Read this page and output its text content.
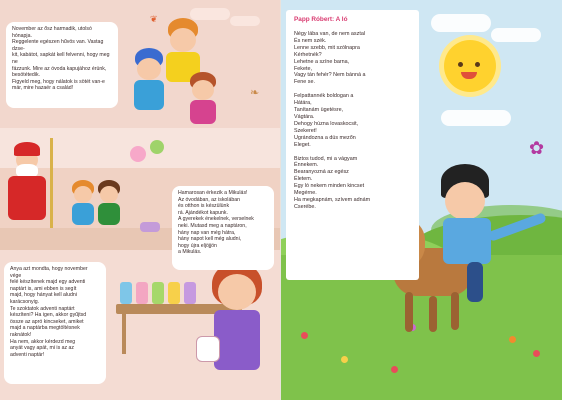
❧
❦
November az ősz harmadik, utolsó hónapja.
Reggelente egészen hűvös van. Vastag dzse-
kit, kabátot, sapkát kell felvenni, hogy meg ne
fázzunk. Mire az óvoda kapujához érünk,
besötétedik.
Figyeld meg, hogy nálatok is sötét van-e
már, mire hazaér a család!
Hamarosan érkezik a Mikulás!
Az óvodában, az iskolában
és otthon is készülünk
rá. Ajándékot kapunk.
A gyerekek énekelnek, verselnek
neki. Mutasd meg a naptáron,
hány nap van még hátra,
hány napot kell még aludni,
hogy újra eljöjjön
a Mikulás.
Anya azt mondta, hogy november vége
felé készítenek majd egy adventi
naptárt is, ami ebben is segít
majd, hogy hányat kell aludni
karácsonyig.
Te szoktatok adventi naptárt
készíteni? Ha igen, akkor gyűjtsd
össze az apró kincseket, amiket
majd a naptárba megtöltésnek
raknátok!
Ha nem, akkor kérdezd meg
anyát vagy apát, mi is az az
adventi naptár!
✿
Papp Róbert: A ló
Négy lába van, de nem asztal
És nem szék.
Lenne szebb, mit szólnapra
Kérhetnék?
Lehetne a színe barna,
Fekete,
Vagy tán fehér? Nem bánná a
Fene se.
Felpattannék boldogan a
Hátára,
Tanítanám ügetésre,
Vágtára.
Dehogy húzna lovaskocsit,
Szekeret!
Ugrándozna a dús mezőn
Eleget.
Biztos tudod, mi a vágyam
Énnekem.
Bearanyozná az egész
Életem.
Egy ló nekem minden kincset
Megérne.
Ha megkapnám, szívem adnám
Cserébe.
